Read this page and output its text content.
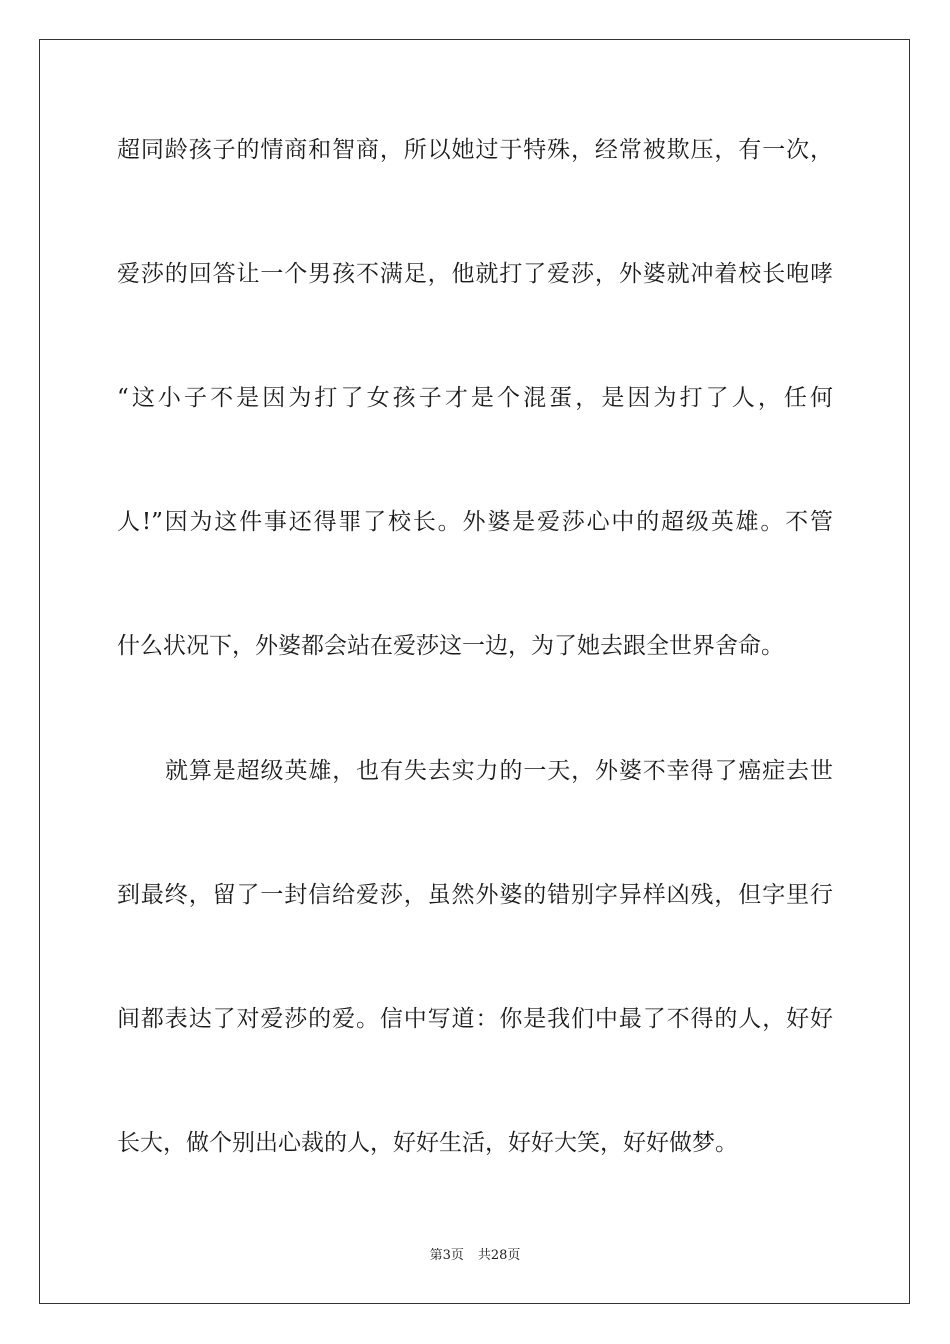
超同龄孩子的情商和智商，所以她过于特殊，经常被欺压，有一次，
爱莎的回答让一个男孩不满足，他就打了爱莎，外婆就冲着校长咆哮
“这小子不是因为打了女孩子才是个混蛋，是因为打了人，任何
人!”因为这件事还得罪了校长。外婆是爱莎心中的超级英雄。不管
什么状况下，外婆都会站在爱莎这一边，为了她去跟全世界舍命。
就算是超级英雄，也有失去实力的一天，外婆不幸得了癌症去世
到最终，留了一封信给爱莎，虽然外婆的错别字异样凶残，但字里行
间都表达了对爱莎的爱。信中写道：你是我们中最了不得的人，好好
长大，做个别出心裁的人，好好生活，好好大笑，好好做梦。
第3页 共28页
